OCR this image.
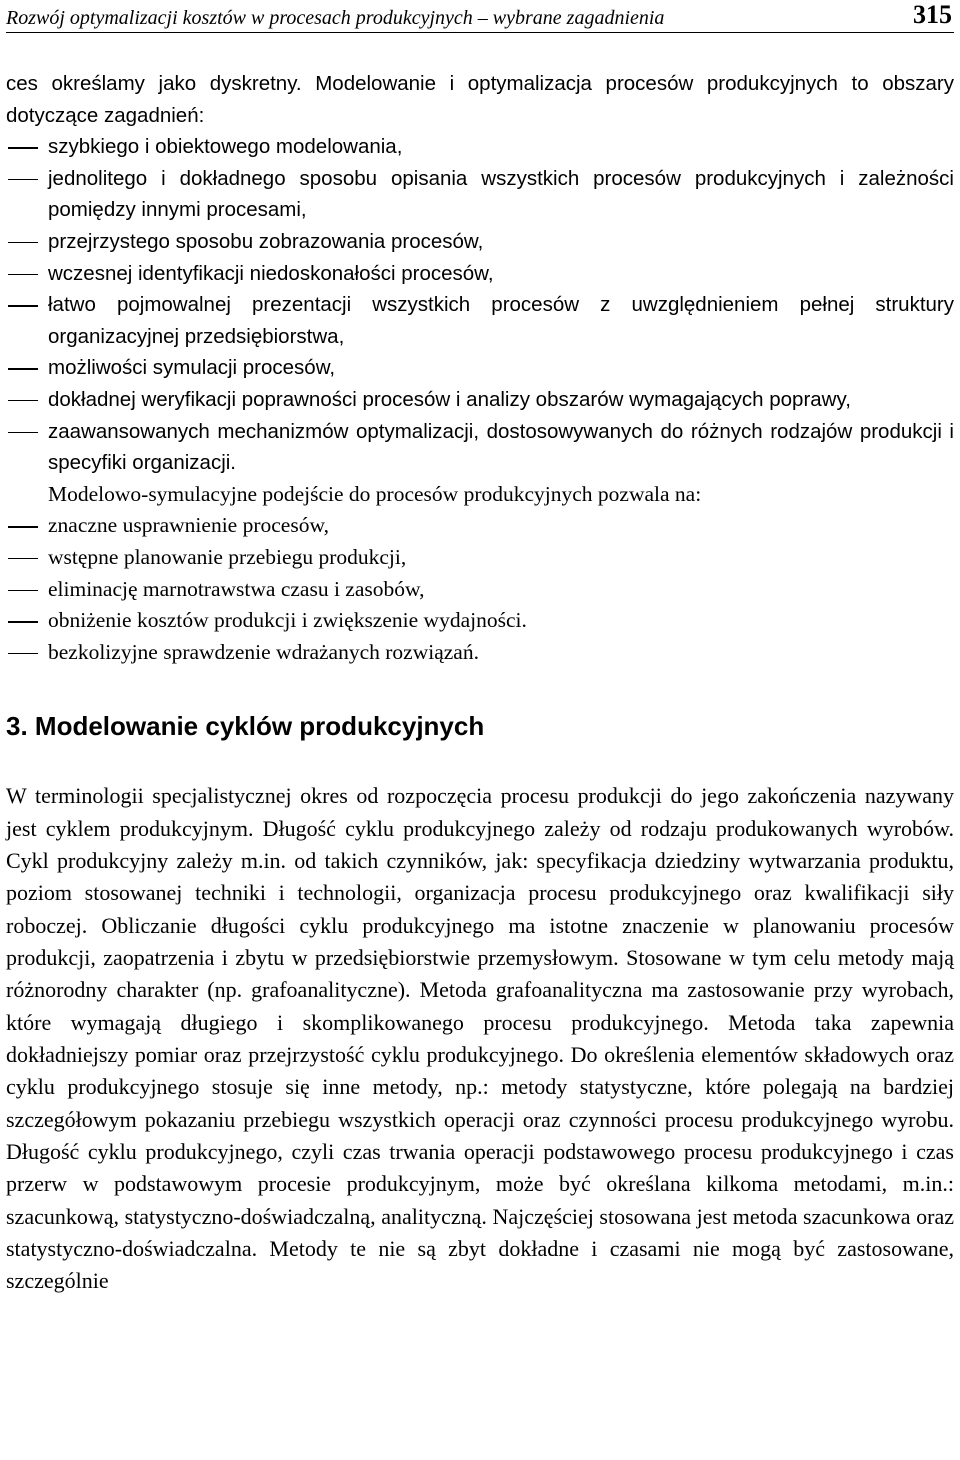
Rozwój optymalizacji kosztów w procesach produkcyjnych – wybrane zagadnienia	315

ces określamy jako dyskretny. Modelowanie i optymalizacja procesów produkcyjnych to obszary dotyczące zagadnień:

szybkiego i obiektowego modelowania,
jednolitego i dokładnego sposobu opisania wszystkich procesów produkcyjnych i zależności pomiędzy innymi procesami,
przejrzystego sposobu zobrazowania procesów,
wczesnej identyfikacji niedoskonałości procesów,
łatwo pojmowalnej prezentacji wszystkich procesów z uwzględnieniem pełnej struktury organizacyjnej przedsiębiorstwa,
możliwości symulacji procesów,
dokładnej weryfikacji poprawności procesów i analizy obszarów wymagających poprawy,
zaawansowanych mechanizmów optymalizacji, dostosowywanych do różnych rodzajów produkcji i specyfiki organizacji.

Modelowo-symulacyjne podejście do procesów produkcyjnych pozwala na:

znaczne usprawnienie procesów,
wstępne planowanie przebiegu produkcji,
eliminację marnotrawstwa czasu i zasobów,
obniżenie kosztów produkcji i zwiększenie wydajności.
bezkolizyjne sprawdzenie wdrażanych rozwiązań.
3. Modelowanie cyklów produkcyjnych

W terminologii specjalistycznej okres od rozpoczęcia procesu produkcji do jego zakończenia nazywany jest cyklem produkcyjnym. Długość cyklu produkcyjnego zależy od rodzaju produkowanych wyrobów. Cykl produkcyjny zależy m.in. od takich czynników, jak: specyfikacja dziedziny wytwarzania produktu, poziom stosowanej techniki i technologii, organizacja procesu produkcyjnego oraz kwalifikacji siły roboczej. Obliczanie długości cyklu produkcyjnego ma istotne znaczenie w planowaniu procesów produkcji, zaopatrzenia i zbytu w przedsiębiorstwie przemysłowym. Stosowane w tym celu metody mają różnorodny charakter (np. grafoanalityczne). Metoda grafoanalityczna ma zastosowanie przy wyrobach, które wymagają długiego i skomplikowanego procesu produkcyjnego. Metoda taka zapewnia dokładniejszy pomiar oraz przejrzystość cyklu produkcyjnego. Do określenia elementów składowych oraz cyklu produkcyjnego stosuje się inne metody, np.: metody statystyczne, które polegają na bardziej szczegółowym pokazaniu przebiegu wszystkich operacji oraz czynności procesu produkcyjnego wyrobu. Długość cyklu produkcyjnego, czyli czas trwania operacji podstawowego procesu produkcyjnego i czas przerw w podstawowym procesie produkcyjnym, może być określana kilkoma metodami, m.in.: szacunkową, statystyczno-doświadczalną, analityczną. Najczęściej stosowana jest metoda szacunkowa oraz statystyczno-doświadczalna. Metody te nie są zbyt dokładne i czasami nie mogą być zastosowane, szczególnie
